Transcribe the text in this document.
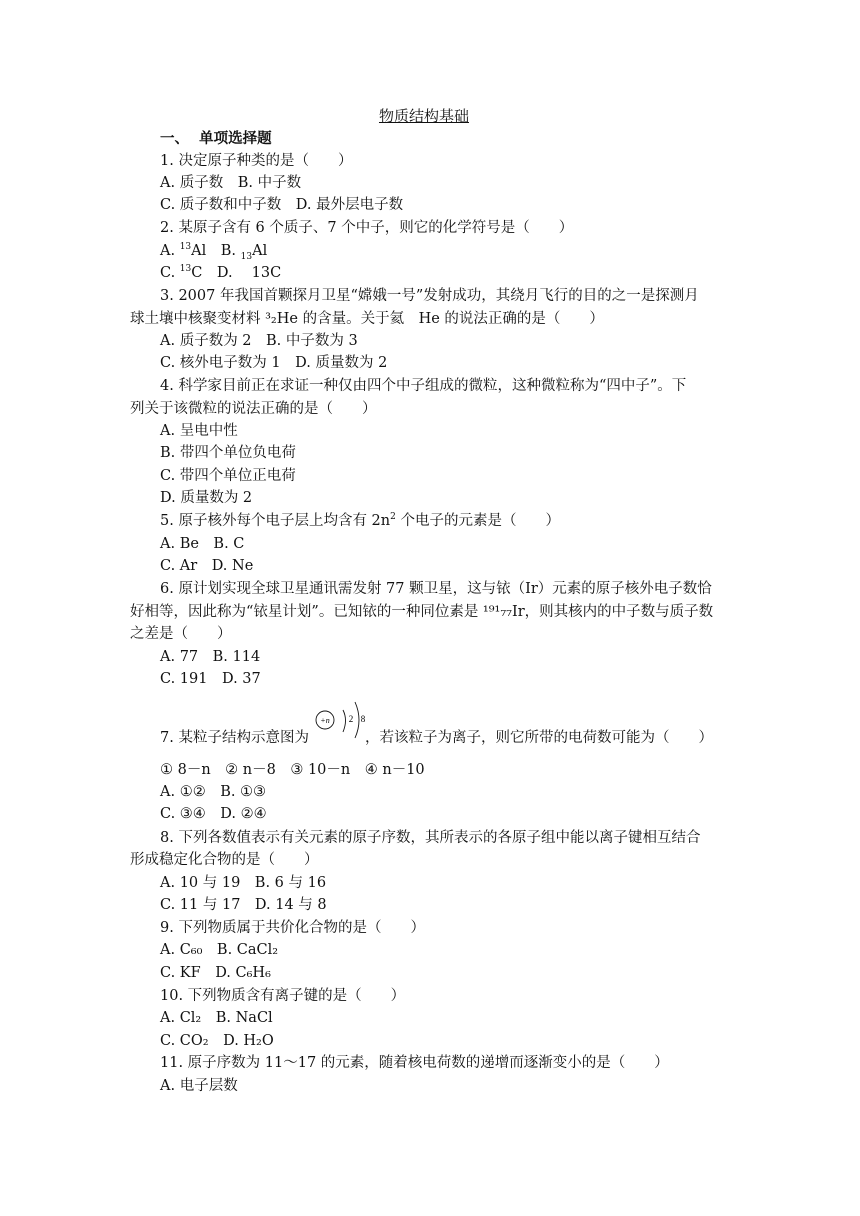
物质结构基础
一、  单项选择题
1. 决定原子种类的是（　　）
A. 质子数　B. 中子数
C. 质子数和中子数　D. 最外层电子数
2. 某原子含有 6 个质子、7 个中子，则它的化学符号是（　　）
A. $^{13}$Al　B. $_{13}$Al
C. $^{13}$C　D.　 13C
3. 2007 年我国首颗探月卫星“嫦娥一号”发射成功，其绕月飞行的目的之一是探测月
球土壤中核聚变材料 ³₂He 的含量。关于氦　He 的说法正确的是（　　）
A. 质子数为 2　B. 中子数为 3
C. 核外电子数为 1　D. 质量数为 2
4. 科学家目前正在求证一种仅由四个中子组成的微粒，这种微粒称为“四中子”。下
列关于该微粒的说法正确的是（　　）
A. 呈电中性
B. 带四个单位负电荷
C. 带四个单位正电荷
D. 质量数为 2
5. 原子核外每个电子层上均含有 $2n^2$ 个电子的元素是（　　）
A. Be　B. C
C. Ar　D. Ne
6. 原计划实现全球卫星通讯需发射 77 颗卫星，这与铱（Ir）元素的原子核外电子数恰
好相等，因此称为“铱星计划”。已知铱的一种同位素是 ¹⁹¹₇₇Ir，则其核内的中子数与质子数
之差是（　　）
A. 77　B. 114
C. 191　D. 37
7. 某粒子结构示意图为	，若该粒子为离子，则它所带的电荷数可能为（　　）
+n 2 8
① 8－n　② n－8　③ 10－n　④ n－10
A. ①②　B. ①③
C. ③④　D. ②④
8. 下列各数值表示有关元素的原子序数，其所表示的各原子组中能以离子键相互结合
形成稳定化合物的是（　　）
A. 10 与 19　B. 6 与 16
C. 11 与 17　D. 14 与 8
9. 下列物质属于共价化合物的是（　　）
A. C₆₀　B. CaCl₂
C. KF　D. C₆H₆
10. 下列物质含有离子键的是（　　）
A. Cl₂　B. NaCl
C. CO₂　D. H₂O
11. 原子序数为 11～17 的元素，随着核电荷数的递增而逐渐变小的是（　　）
A. 电子层数
